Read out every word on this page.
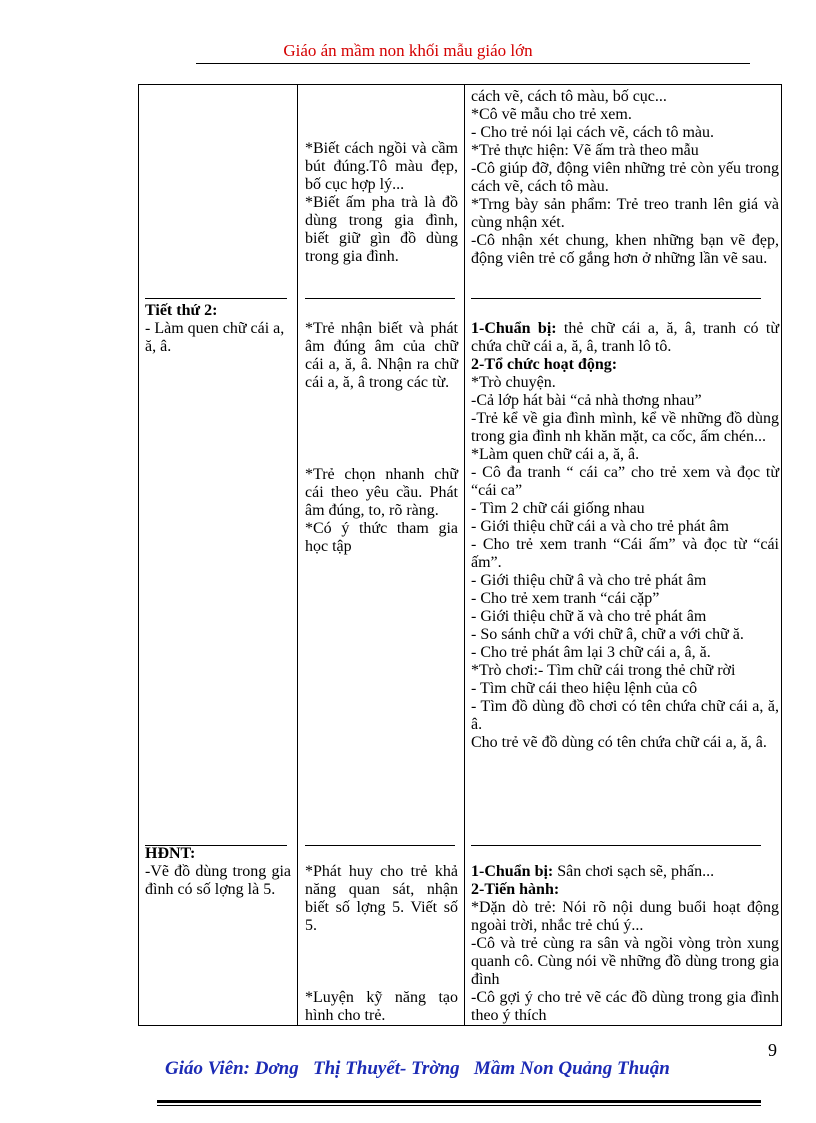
Giáo án mầm non khối mẫu giáo lớn

*Biết cách ngồi và cầm bút đúng.Tô màu đẹp, bố cục hợp lý...

*Biết ấm pha trà là đồ dùng trong gia đình, biết giữ gìn đồ dùng trong gia đình.

cách vẽ, cách tô màu, bố cục...

*Cô vẽ mẫu cho trẻ xem.

- Cho trẻ nói lại cách vẽ, cách tô màu.

*Trẻ thực hiện: Vẽ ấm trà theo mẫu

-Cô giúp đỡ, động viên những trẻ còn yếu trong cách vẽ, cách tô màu.

*Trng bày sản phẩm: Trẻ treo tranh lên giá và cùng nhận xét.

-Cô nhận xét chung, khen những bạn vẽ đẹp, động viên trẻ cố gắng hơn ở những lần vẽ sau.

Tiết thứ 2:

- Làm quen chữ cái a, ă, â.

*Trẻ nhận biết và phát âm đúng âm của chữ cái a, ă, â. Nhận ra chữ cái a, ă, â trong các từ.

*Trẻ chọn nhanh chữ cái theo yêu cầu. Phát âm đúng, to, rõ ràng.

*Có ý thức tham gia học tập

1-Chuẩn bị: thẻ chữ cái a, ă, â, tranh có từ chứa chữ cái a, ă, â, tranh lô tô.

2-Tổ chức hoạt động:

*Trò chuyện.

-Cả lớp hát bài “cả nhà thơng nhau”

-Trẻ kể về gia đình mình, kể về những đồ dùng trong gia đình nh khăn mặt, ca cốc, ấm chén...

*Làm quen chữ cái a, ă, â.

- Cô đa tranh “ cái ca” cho trẻ xem và đọc từ “cái ca”

- Tìm 2 chữ cái giống nhau

- Giới thiệu chữ cái a và cho trẻ phát âm

- Cho trẻ xem tranh “Cái ấm” và đọc từ “cái ấm”.

- Giới thiệu chữ â và cho trẻ phát âm

- Cho trẻ xem tranh “cái cặp”

- Giới thiệu chữ ă và cho trẻ phát âm

- So sánh chữ a với chữ â, chữ a với chữ ă.

- Cho trẻ phát âm lại 3 chữ cái a, â, ă.

*Trò chơi:- Tìm chữ cái trong thẻ chữ rời

- Tìm chữ cái theo hiệu lệnh của cô

- Tìm đồ dùng đồ chơi có tên chứa chữ cái a, ă, â.

Cho trẻ vẽ đồ dùng có tên chứa chữ cái a, ă, â.

HĐNT:

-Vẽ đồ dùng trong gia đình có số lợng là 5.

*Phát huy cho trẻ khả năng quan sát, nhận biết số lợng 5. Viết số 5.

*Luyện kỹ năng tạo hình cho trẻ.

1-Chuẩn bị: Sân chơi sạch sẽ, phấn...

2-Tiến hành:

*Dặn dò trẻ: Nói rõ nội dung buổi hoạt động ngoài trời, nhắc trẻ chú ý...

-Cô và trẻ cùng ra sân và ngồi vòng tròn xung quanh cô. Cùng nói về những đồ dùng trong gia đình

-Cô gợi ý cho trẻ vẽ các đồ dùng trong gia đình theo ý thích

9
Giáo Viên: Dơng   Thị Thuyết- Trờng   Mầm Non Quảng Thuận
